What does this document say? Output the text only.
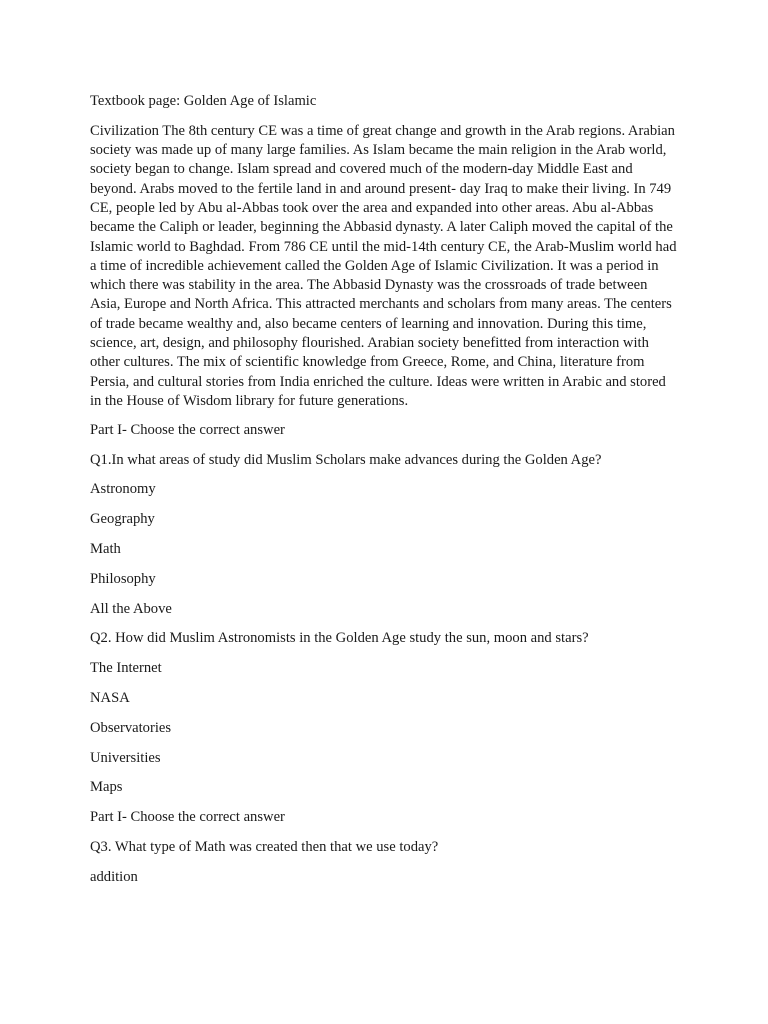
Textbook page: Golden Age of Islamic

Civilization The 8th century CE was a time of great change and growth in the Arab regions. Arabian society was made up of many large families. As Islam became the main religion in the Arab world, society began to change. Islam spread and covered much of the modern-day Middle East and beyond. Arabs moved to the fertile land in and around present- day Iraq to make their living. In 749 CE, people led by Abu al-Abbas took over the area and expanded into other areas. Abu al-Abbas became the Caliph or leader, beginning the Abbasid dynasty. A later Caliph moved the capital of the Islamic world to Baghdad. From 786 CE until the mid-14th century CE, the Arab-Muslim world had a time of incredible achievement called the Golden Age of Islamic Civilization. It was a period in which there was stability in the area. The Abbasid Dynasty was the crossroads of trade between Asia, Europe and North Africa. This attracted merchants and scholars from many areas. The centers of trade became wealthy and, also became centers of learning and innovation. During this time, science, art, design, and philosophy flourished. Arabian society benefitted from interaction with other cultures. The mix of scientific knowledge from Greece, Rome, and China, literature from Persia, and cultural stories from India enriched the culture. Ideas were written in Arabic and stored in the House of Wisdom library for future generations.

Part I- Choose the correct answer

Q1.In what areas of study did Muslim Scholars make advances during the Golden Age?

Astronomy

Geography

Math

Philosophy

All the Above

Q2. How did Muslim Astronomists in the Golden Age study the sun, moon and stars?

The Internet

NASA

Observatories

Universities

Maps

Part I- Choose the correct answer

Q3. What type of Math was created then that we use today?

addition
